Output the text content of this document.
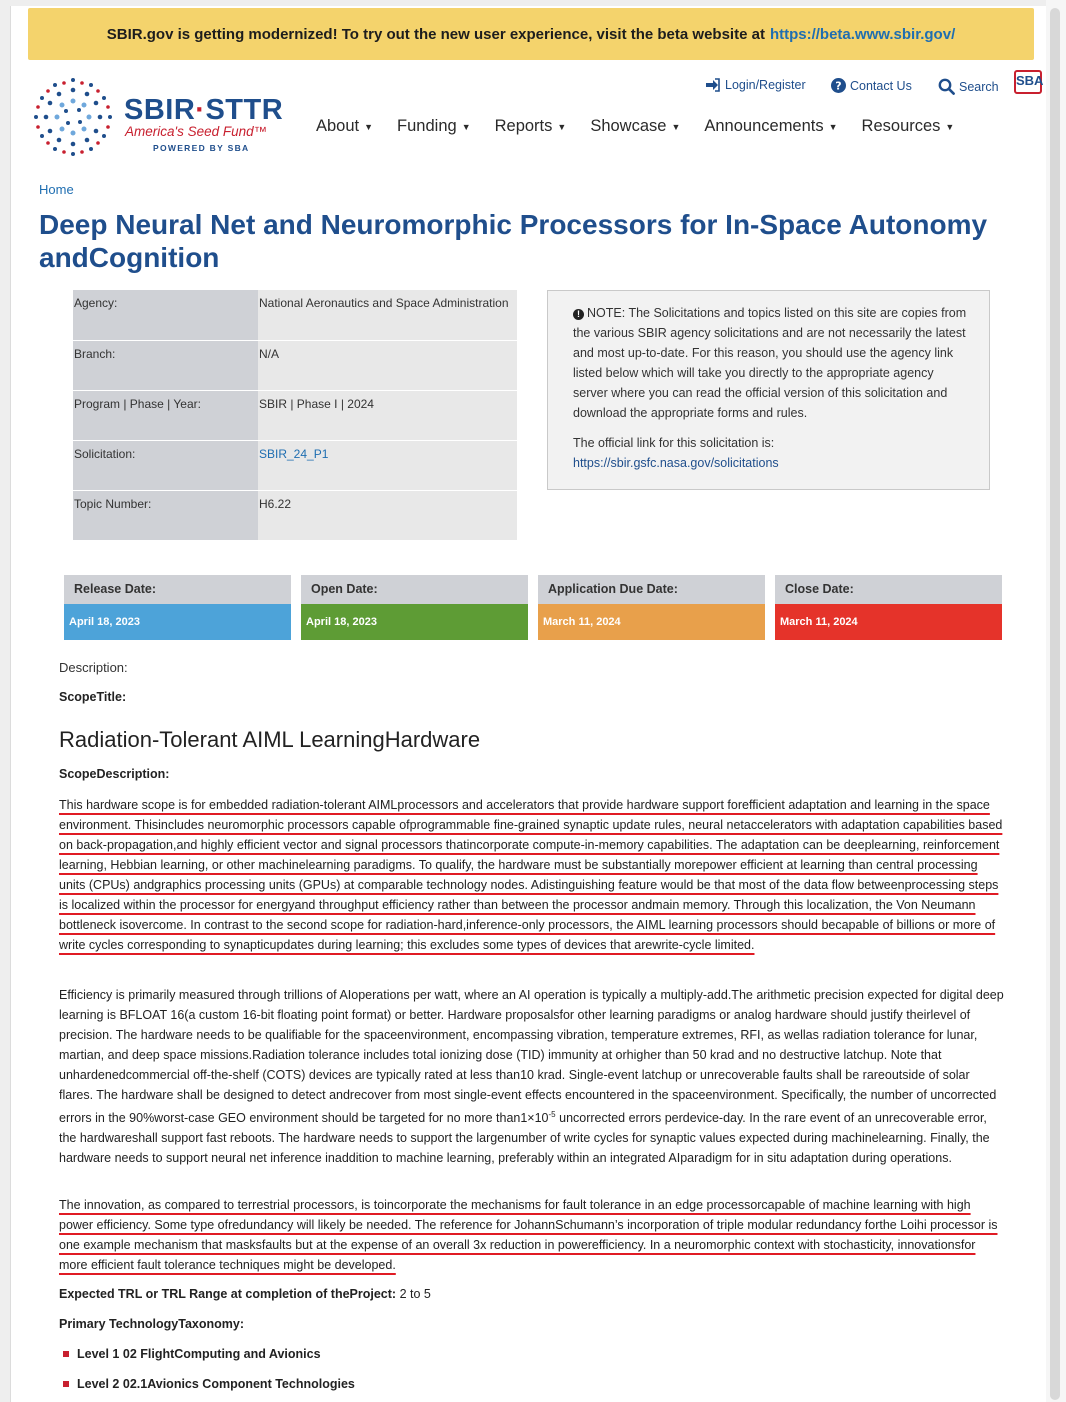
SBIR.gov is getting modernized! To try out the new user experience, visit the beta website at https://beta.www.sbir.gov/
SBIR·STTR
America's Seed Fund™
POWERED BY SBA
Login/Register	? Contact Us	Search SBA
About ▼ Funding ▼ Reports ▼ Showcase ▼ Announcements ▼ Resources ▼
Home
Deep Neural Net and Neuromorphic Processors for In-Space Autonomy andCognition
Agency:	National Aeronautics and Space Administration
Branch:	N/A
Program | Phase | Year:	SBIR | Phase I | 2024
Solicitation:	SBIR_24_P1
Topic Number:	H6.22

! NOTE: The Solicitations and topics listed on this site are copies from the various SBIR agency solicitations and are not necessarily the latest and most up-to-date. For this reason, you should use the agency link listed below which will take you directly to the appropriate agency server where you can read the official version of this solicitation and download the appropriate forms and rules.

The official link for this solicitation is:
https://sbir.gsfc.nasa.gov/solicitations

Release Date:
April 18, 2023
Open Date:
April 18, 2023
Application Due Date:
March 11, 2024
Close Date:
March 11, 2024
Description:
ScopeTitle:
Radiation-Tolerant AIML LearningHardware
ScopeDescription:

This hardware scope is for embedded radiation-tolerant AIMLprocessors and accelerators that provide hardware support forefficient adaptation and learning in the space environment. Thisincludes neuromorphic processors capable ofprogrammable fine-grained synaptic update rules, neural netaccelerators with adaptation capabilities based on back-propagation,and highly efficient vector and signal processors thatincorporate compute-in-memory capabilities. The adaptation can be deeplearning, reinforcement learning, Hebbian learning, or other machinelearning paradigms. To qualify, the hardware must be substantially morepower efficient at learning than central processing units (CPUs) andgraphics processing units (GPUs) at comparable technology nodes. Adistinguishing feature would be that most of the data flow betweenprocessing steps is localized within the processor for energyand throughput efficiency rather than between the processor andmain memory. Through this localization, the Von Neumann bottleneck isovercome. In contrast to the second scope for radiation-hard,inference-only processors, the AIML learning processors should becapable of billions or more of write cycles corresponding to synapticupdates during learning; this excludes some types of devices that arewrite-cycle limited.

Efficiency is primarily measured through trillions of AIoperations per watt, where an AI operation is typically a multiply-add.The arithmetic precision expected for digital deep learning is BFLOAT 16(a custom 16-bit floating point format) or better. Hardware proposalsfor other learning paradigms or analog hardware should justify theirlevel of precision. The hardware needs to be qualifiable for the spaceenvironment, encompassing vibration, temperature extremes, RFI, as wellas radiation tolerance for lunar, martian, and deep space missions.Radiation tolerance includes total ionizing dose (TID) immunity at orhigher than 50 krad and no destructive latchup. Note that unhardenedcommercial off-the-shelf (COTS) devices are typically rated at less than10 krad. Single-event latchup or unrecoverable faults shall be rareoutside of solar flares. The hardware shall be designed to detect andrecover from most single-event effects encountered in the spaceenvironment. Specifically, the number of uncorrected errors in the 90%worst-case GEO environment should be targeted for no more $than1\times 10^{-5}$ uncorrected errors perdevice-day. In the rare event of an unrecoverable error, the hardwareshall support fast reboots. The hardware needs to support the largenumber of write cycles for synaptic values expected during machinelearning. Finally, the hardware needs to support neural net inference inaddition to machine learning, preferably within an integrated AIparadigm for in situ adaptation during operations.

The innovation, as compared to terrestrial processors, is toincorporate the mechanisms for fault tolerance in an edge processorcapable of machine learning with high power efficiency. Some type ofredundancy will likely be needed. The reference for JohannSchumann’s incorporation of triple modular redundancy forthe Loihi processor is one example mechanism that masksfaults but at the expense of an overall 3x reduction in powerefficiency. In a neuromorphic context with stochasticity, innovationsfor more efficient fault tolerance techniques might be developed.

Expected TRL or TRL Range at completion of theProject: 2 to 5
Primary TechnologyTaxonomy:
Level 1 02 FlightComputing and Avionics
Level 2 02.1Avionics Component Technologies
